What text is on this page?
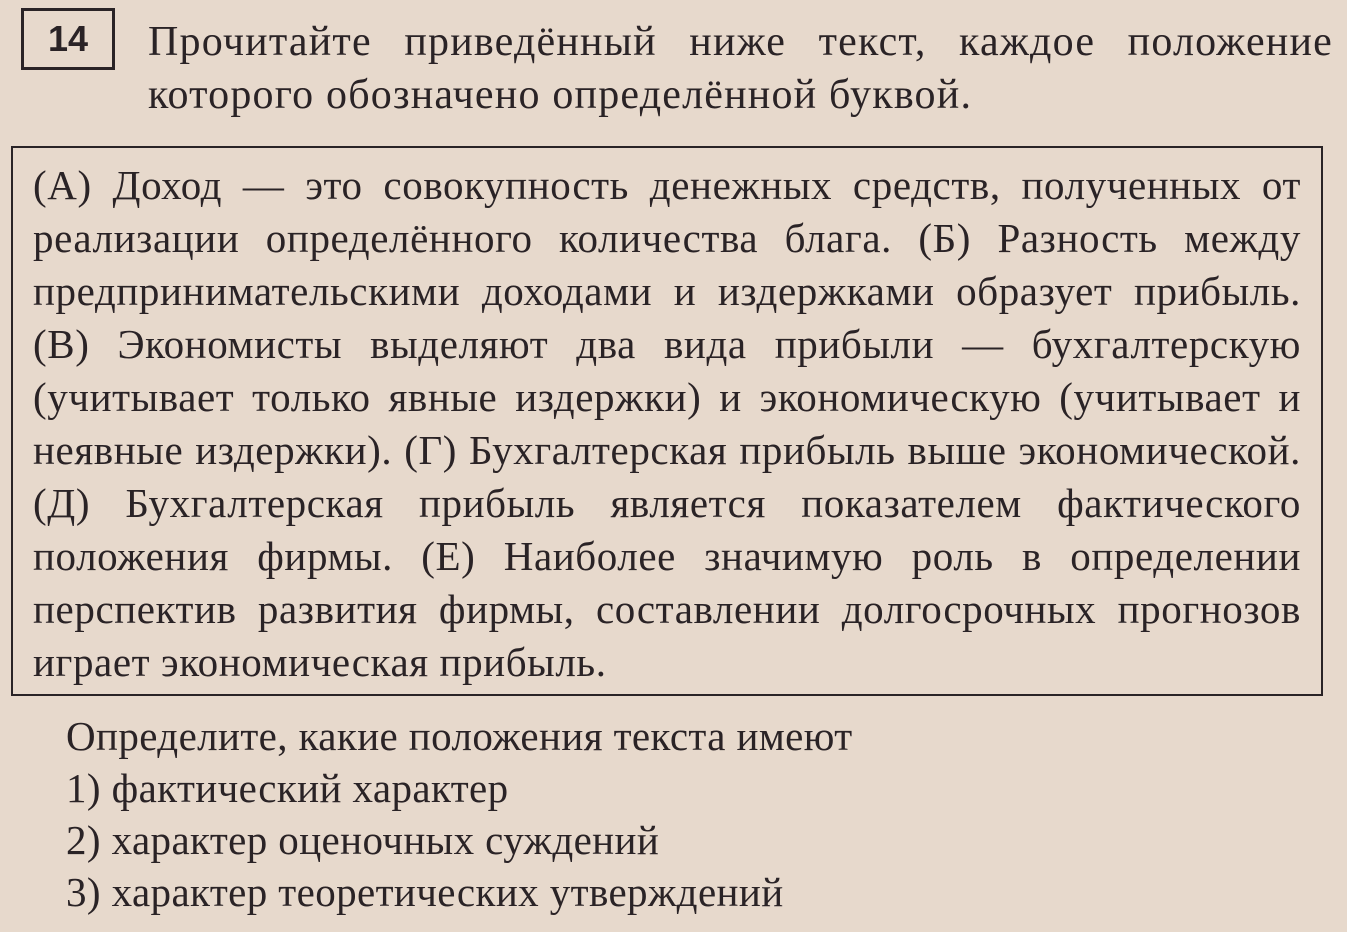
14 Прочитайте приведённый ниже текст, каждое положение которого обозначено определённой буквой.

(А) Доход — это совокупность денежных средств, полученных от реализации определённого количества блага. (Б) Разность между предпринимательскими доходами и издержками образует прибыль. (В) Экономисты выделяют два вида прибыли — бухгалтерскую (учитывает только явные издержки) и экономическую (учитывает и неявные издержки). (Г) Бухгалтерская прибыль выше экономической. (Д) Бухгалтерская прибыль является показателем фактического положения фирмы. (Е) Наиболее значимую роль в определении перспектив развития фирмы, составлении долгосрочных прогнозов играет экономическая прибыль.

Определите, какие положения текста имеют

1) фактический характер

2) характер оценочных суждений

3) характер теоретических утверждений
